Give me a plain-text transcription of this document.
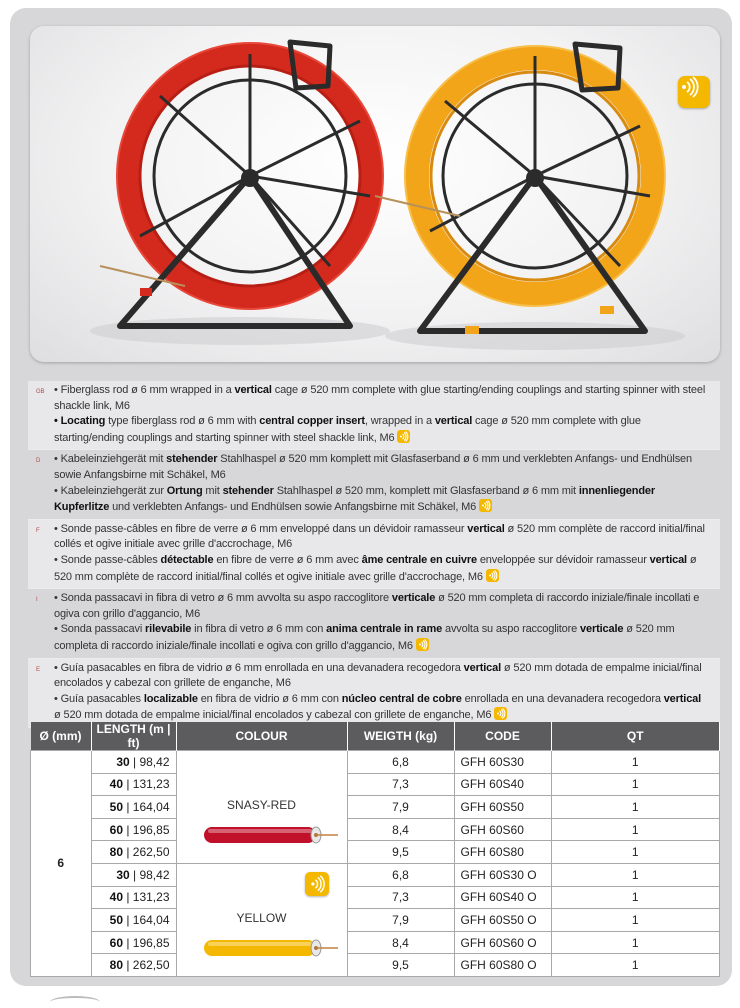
GB • Fiberglass rod ø 6 mm wrapped in a vertical cage ø 520 mm complete with glue starting/ending couplings and starting spinner with steel shackle link, M6
• Locating type fiberglass rod ø 6 mm with central copper insert, wrapped in a vertical cage ø 520 mm complete with glue starting/ending couplings and starting spinner with steel shackle link, M6
D • Kabeleinziehgerät mit stehender Stahlhaspel ø 520 mm komplett mit Glasfaserband ø 6 mm und verklebten Anfangs- und Endhülsen sowie Anfangsbirne mit Schäkel, M6
• Kabeleinziehgerät zur Ortung mit stehender Stahlhaspel ø 520 mm, komplett mit Glasfaserband ø 6 mm mit innenliegender Kupferlitze und verklebten Anfangs- und Endhülsen sowie Anfangsbirne mit Schäkel, M6
F • Sonde passe-câbles en fibre de verre ø 6 mm enveloppé dans un dévidoir ramasseur vertical ø 520 mm complète de raccord initial/final collés et ogive initiale avec grille d'accrochage, M6
• Sonde passe-câbles détectable en fibre de verre ø 6 mm avec âme centrale en cuivre enveloppée sur dévidoir ramasseur vertical ø 520 mm complète de raccord initial/final collés et ogive initiale avec grille d'accrochage, M6
I • Sonda passacavi in fibra di vetro ø 6 mm avvolta su aspo raccoglitore verticale ø 520 mm completa di raccordo iniziale/finale incollati e ogiva con grillo d'aggancio, M6
• Sonda passacavi rilevabile in fibra di vetro ø 6 mm con anima centrale in rame avvolta su aspo raccoglitore verticale ø 520 mm completa di raccordo iniziale/finale incollati e ogiva con grillo d'aggancio, M6
E • Guía pasacables en fibra de vidrio ø 6 mm enrollada en una devanadera recogedora vertical ø 520 mm dotada de empalme inicial/final encolados y cabezal con grillete de enganche, M6
• Guía pasacables localizable en fibra de vidrio ø 6 mm con núcleo central de cobre enrollada en una devanadera recogedora vertical ø 520 mm dotada de empalme inicial/final encolados y cabezal con grillete de enganche, M6
Ø (mm)	LENGTH (m | ft)	COLOUR	WEIGTH (kg)	CODE	QT
6	30 | 98,42	SNASY-RED	6,8	GFH 60S30	1
	40 | 131,23		7,3	GFH 60S40	1
	50 | 164,04		7,9	GFH 60S50	1
	60 | 196,85		8,4	GFH 60S60	1
	80 | 262,50		9,5	GFH 60S80	1
	30 | 98,42	YELLOW	6,8	GFH 60S30 O	1
	40 | 131,23		7,3	GFH 60S40 O	1
	50 | 164,04		7,9	GFH 60S50 O	1
	60 | 196,85		8,4	GFH 60S60 O	1
	80 | 262,50		9,5	GFH 60S80 O	1
